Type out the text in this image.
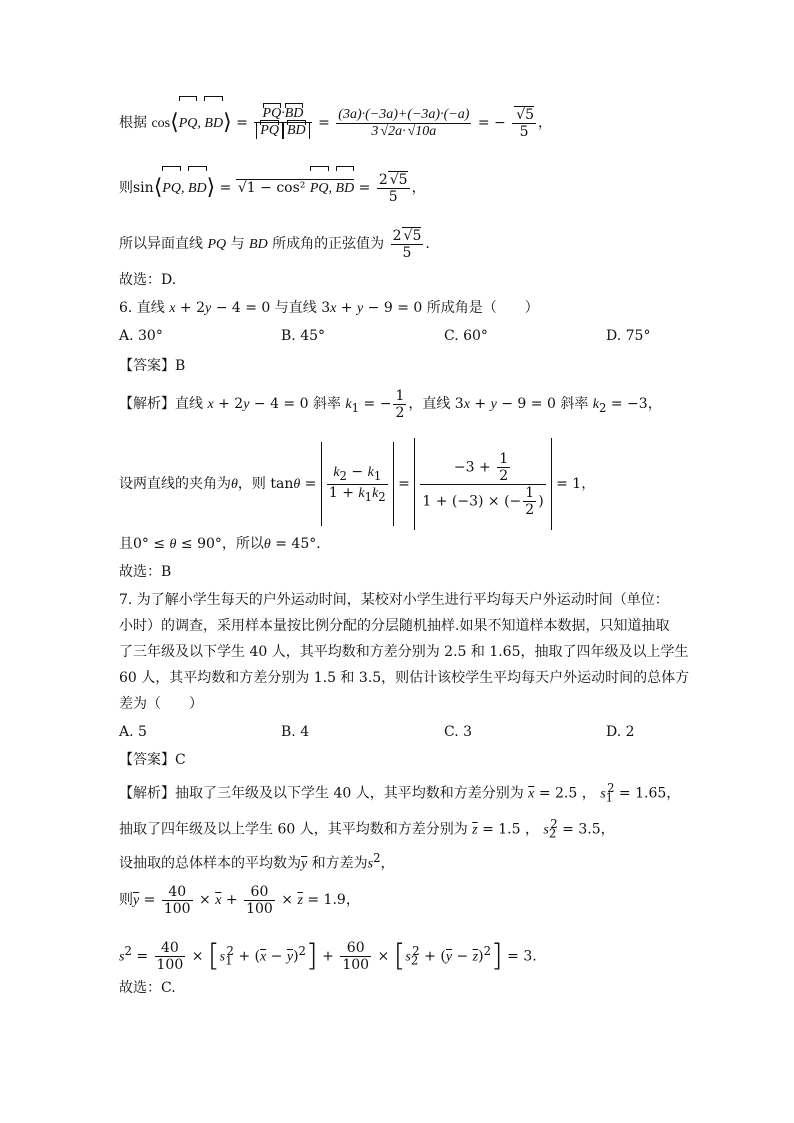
根据 cos⟨PQ, BD⟩ = $\frac{PQ\cdot BD}{\text{PQ BD}} = \frac{(3a)\cdot(-3a)+(-3a)\cdot(-a)}{3 √2a\cdot √10a}$ = − $\frac{√5}{5}$ ，
则sin⟨PQ, BD⟩ = √1 − cos² PQ, BD = $\frac{2 √5}{5}$ ，
所以异面直线 PQ 与 BD 所成角的正弦值为 $\frac{2 √5}{5}$ .
故选：D.
6. 直线 x + 2y − 4 = 0 与直线 3x + y − 9 = 0 所成角是（　　）
A. 30°	B. 45°	C. 60°	D. 75°
【答案】B
【解析】直线 x + 2y − 4 = 0 斜率 $k_1$ = − $\frac{1}{2}$ ，直线 3x + y − 9 = 0 斜率 $k_2 = -3$，
设两直线的夹角为θ，则 $\tan\theta = \frac{k_2 - k_1}{1 + k_1k_2} = \frac{-3 + \frac{1}{2}}{1 + (-3) \times (- \frac{1}{2} )} = 1$，
且0° ≤ θ ≤ 90°，所以θ = 45°.
故选：B
7. 为了解小学生每天的户外运动时间，某校对小学生进行平均每天户外运动时间（单位：
小时）的调查，采用样本量按比例分配的分层随机抽样.如果不知道样本数据，只知道抽取
了三年级及以下学生 40 人，其平均数和方差分别为 2.5 和 1.65，抽取了四年级及以上学生
60 人，其平均数和方差分别为 1.5 和 3.5，则估计该校学生平均每天户外运动时间的总体方
差为（　　）
A. 5	B. 4	C. 3	D. 2
【答案】C
【解析】抽取了三年级及以下学生 40 人，其平均数和方差分别为 $\overline{x} = 2.5$ ， $s_1^2 = 1.65$，
抽取了四年级及以上学生 60 人，其平均数和方差分别为 $\overline{z} = 1.5$ ， $s_2^2 = 3.5$，
设抽取的总体样本的平均数为$\overline{y}$ 和方差为$s^2$，
则$\overline{y} = \frac{40}{100} \times \overline{x} + \frac{60}{100} \times \overline{z} = 1.9$，
$s^2 = \frac{40}{100} \times [s_1^2 + (\overline{x} - \overline{y})^2] + \frac{60}{100} \times [s_2^2 + (\overline{y} - \overline{z})^2] = 3$.
故选：C.
